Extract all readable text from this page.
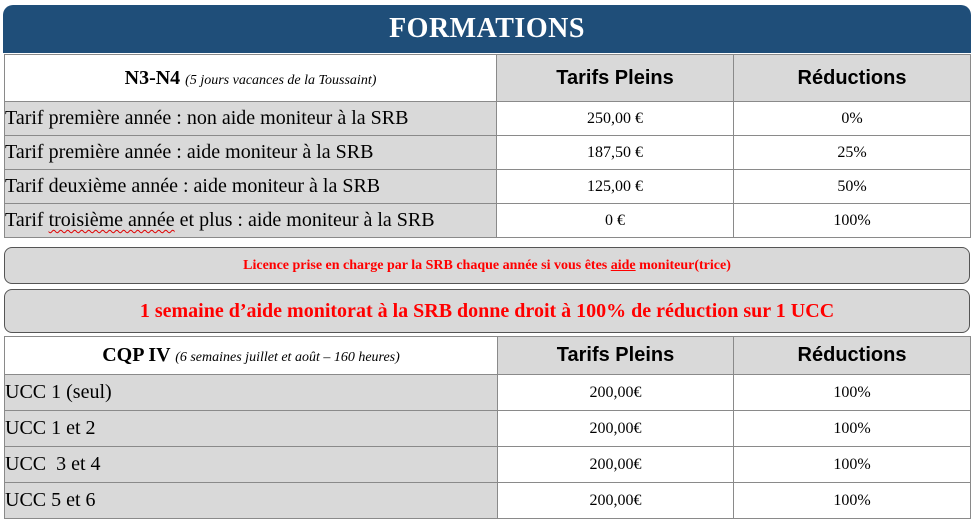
FORMATIONS
N3-N4 (5 jours vacances de la Toussaint)	Tarifs Pleins	Réductions
Tarif première année : non aide moniteur à la SRB	250,00 €	0%
Tarif première année : aide moniteur à la SRB	187,50 €	25%
Tarif deuxième année : aide moniteur à la SRB	125,00 €	50%
Tarif troisième année et plus : aide moniteur à la SRB	0 €	100%
Licence prise en charge par la SRB chaque année si vous êtes
aide
moniteur(trice)
1 semaine d’aide monitorat à la SRB donne droit à 100% de réduction sur 1 UCC
CQP IV (6 semaines juillet et août – 160 heures)	Tarifs Pleins	Réductions
UCC 1 (seul)	200,00€	100%
UCC 1 et 2	200,00€	100%
UCC  3 et 4	200,00€	100%
UCC 5 et 6	200,00€	100%
